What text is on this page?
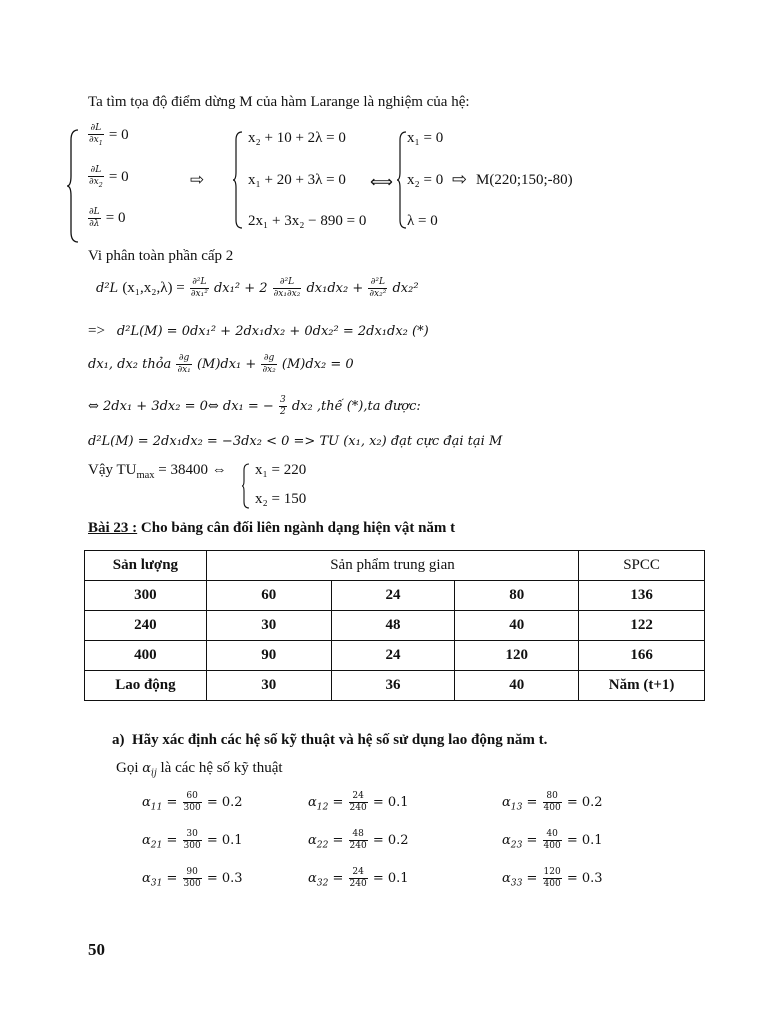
Ta tìm tọa độ điểm dừng M của hàm Larange là nghiệm của hệ:
$\frac{\partial L}{\partial x_1} = 0$
$\frac{\partial L}{\partial x_2} = 0$
$\frac{\partial L}{\partial\lambda} = 0$
⇨
x₂ + 10 + 2λ = 0
x₁ + 20 + 3λ = 0
2x₁ + 3x₂ − 890 = 0
⟺
x₁ = 0
x₂ = 0
λ = 0
⇨ M(220;150;-80)
Vi phân toàn phần cấp 2
d²L $(x_1,x_2,\lambda) = \frac{\text{∂²L}}{\text{∂x₁²}} dx_1^2 + 2 \frac{\text{∂²L}}{\text{∂x₁∂x₂}} dx_1dx_2 + \frac{\text{∂²L}}{\text{∂x₂²}} dx_2^2$
=> d²L(M) = 0dx₁² + 2dx₁dx₂ + 0dx₂² = 2dx₁dx₂ (*)
dx₁, dx₂ thỏa $\frac{\partial g}{\text{∂x₁}} (M)dx_1 + \frac{\partial g}{\text{∂x₂}} (M)dx_2 = 0$
⇔ 2dx₁ + 3dx₂ = 0⇔ dx₁ = − $\frac{3}{2} dx_2$ ,thế (*),ta được:
d²L(M) = 2dx₁dx₂ = −3dx₂ < 0 => TU (x₁, x₂) đạt cực đại tại M
Vậy $TU_{max} = 38400$ ⇔ x₁ = 220
x₂ = 150
Bài 23 : Cho bảng cân đối liên ngành dạng hiện vật năm t
Sản lượng	Sản phẩm trung gian			SPCC
300	60	24	80	136
240	30	48	40	122
400	90	24	120	166
Lao động	30	36	40	Năm (t+1)
a) Hãy xác định các hệ số kỹ thuật và hệ số sử dụng lao động năm t.
Gọi $\alpha_{ij}$ là các hệ số kỹ thuật
$\alpha_{11} = \frac{60}{300} = 0.2$	$\alpha_{12} = \frac{24}{240} = 0.1$	$\alpha_{13} = \frac{80}{400} = 0.2$
$\alpha_{21} = \frac{30}{300} = 0.1$	$\alpha_{22} = \frac{48}{240} = 0.2$	$\alpha_{23} = \frac{40}{400} = 0.1$
$\alpha_{31} = \frac{90}{300} = 0.3$	$\alpha_{32} = \frac{24}{240} = 0.1$	$\alpha_{33} = \frac{120}{400} = 0.3$
50
